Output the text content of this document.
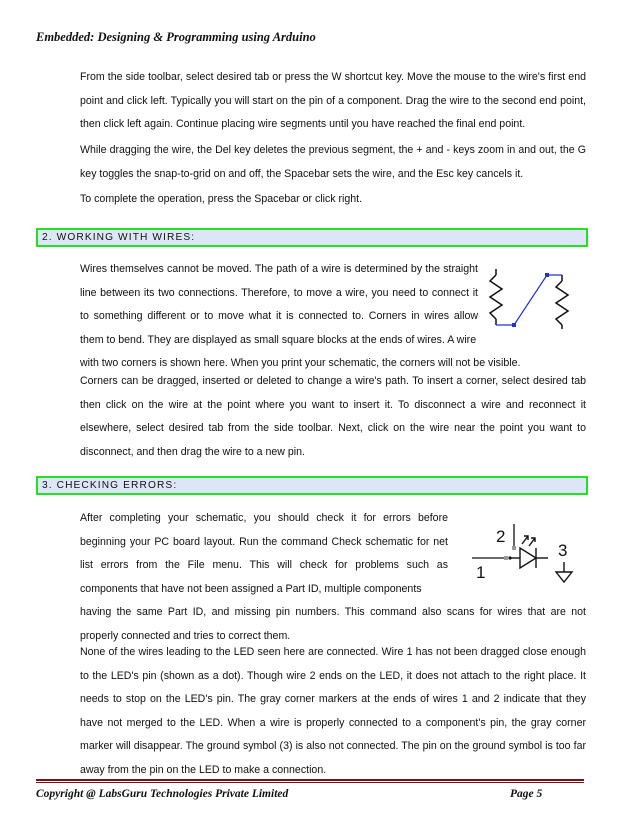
Embedded: Designing & Programming using Arduino

From the side toolbar, select desired tab or press the W shortcut key. Move the mouse to the wire's first end point and click left. Typically you will start on the pin of a component. Drag the wire to the second end point, then click left again. Continue placing wire segments until you have reached the final end point.

While dragging the wire, the Del key deletes the previous segment, the + and - keys zoom in and out, the G key toggles the snap-to-grid on and off, the Spacebar sets the wire, and the Esc key cancels it.

To complete the operation, press the Spacebar or click right.

2. WORKING WITH WIRES:

Wires themselves cannot be moved. The path of a wire is determined by the straight line between its two connections. Therefore, to move a wire, you need to connect it to something different or to move what it is connected to. Corners in wires allow them to bend. They are displayed as small square blocks at the ends of wires. A wire

with two corners is shown here. When you print your schematic, the corners will not be visible.

Corners can be dragged, inserted or deleted to change a wire's path. To insert a corner, select desired tab then click on the wire at the point where you want to insert it. To disconnect a wire and reconnect it elsewhere, select desired tab from the side toolbar. Next, click on the wire near the point you want to disconnect, and then drag the wire to a new pin.

3. CHECKING ERRORS:

After completing your schematic, you should check it for errors before beginning your PC board layout. Run the command Check schematic for net list errors from the File menu. This will check for problems such as components that have not been assigned a Part ID, multiple components

having the same Part ID, and missing pin numbers. This command also scans for wires that are not properly connected and tries to correct them.

1
2
3

None of the wires leading to the LED seen here are connected. Wire 1 has not been dragged close enough to the LED's pin (shown as a dot). Though wire 2 ends on the LED, it does not attach to the right place. It needs to stop on the LED's pin. The gray corner markers at the ends of wires 1 and 2 indicate that they have not merged to the LED. When a wire is properly connected to a component's pin, the gray corner marker will disappear. The ground symbol (3) is also not connected. The pin on the ground symbol is too far away from the pin on the LED to make a connection.

Copyright @ LabsGuru Technologies Private Limited	Page 5
